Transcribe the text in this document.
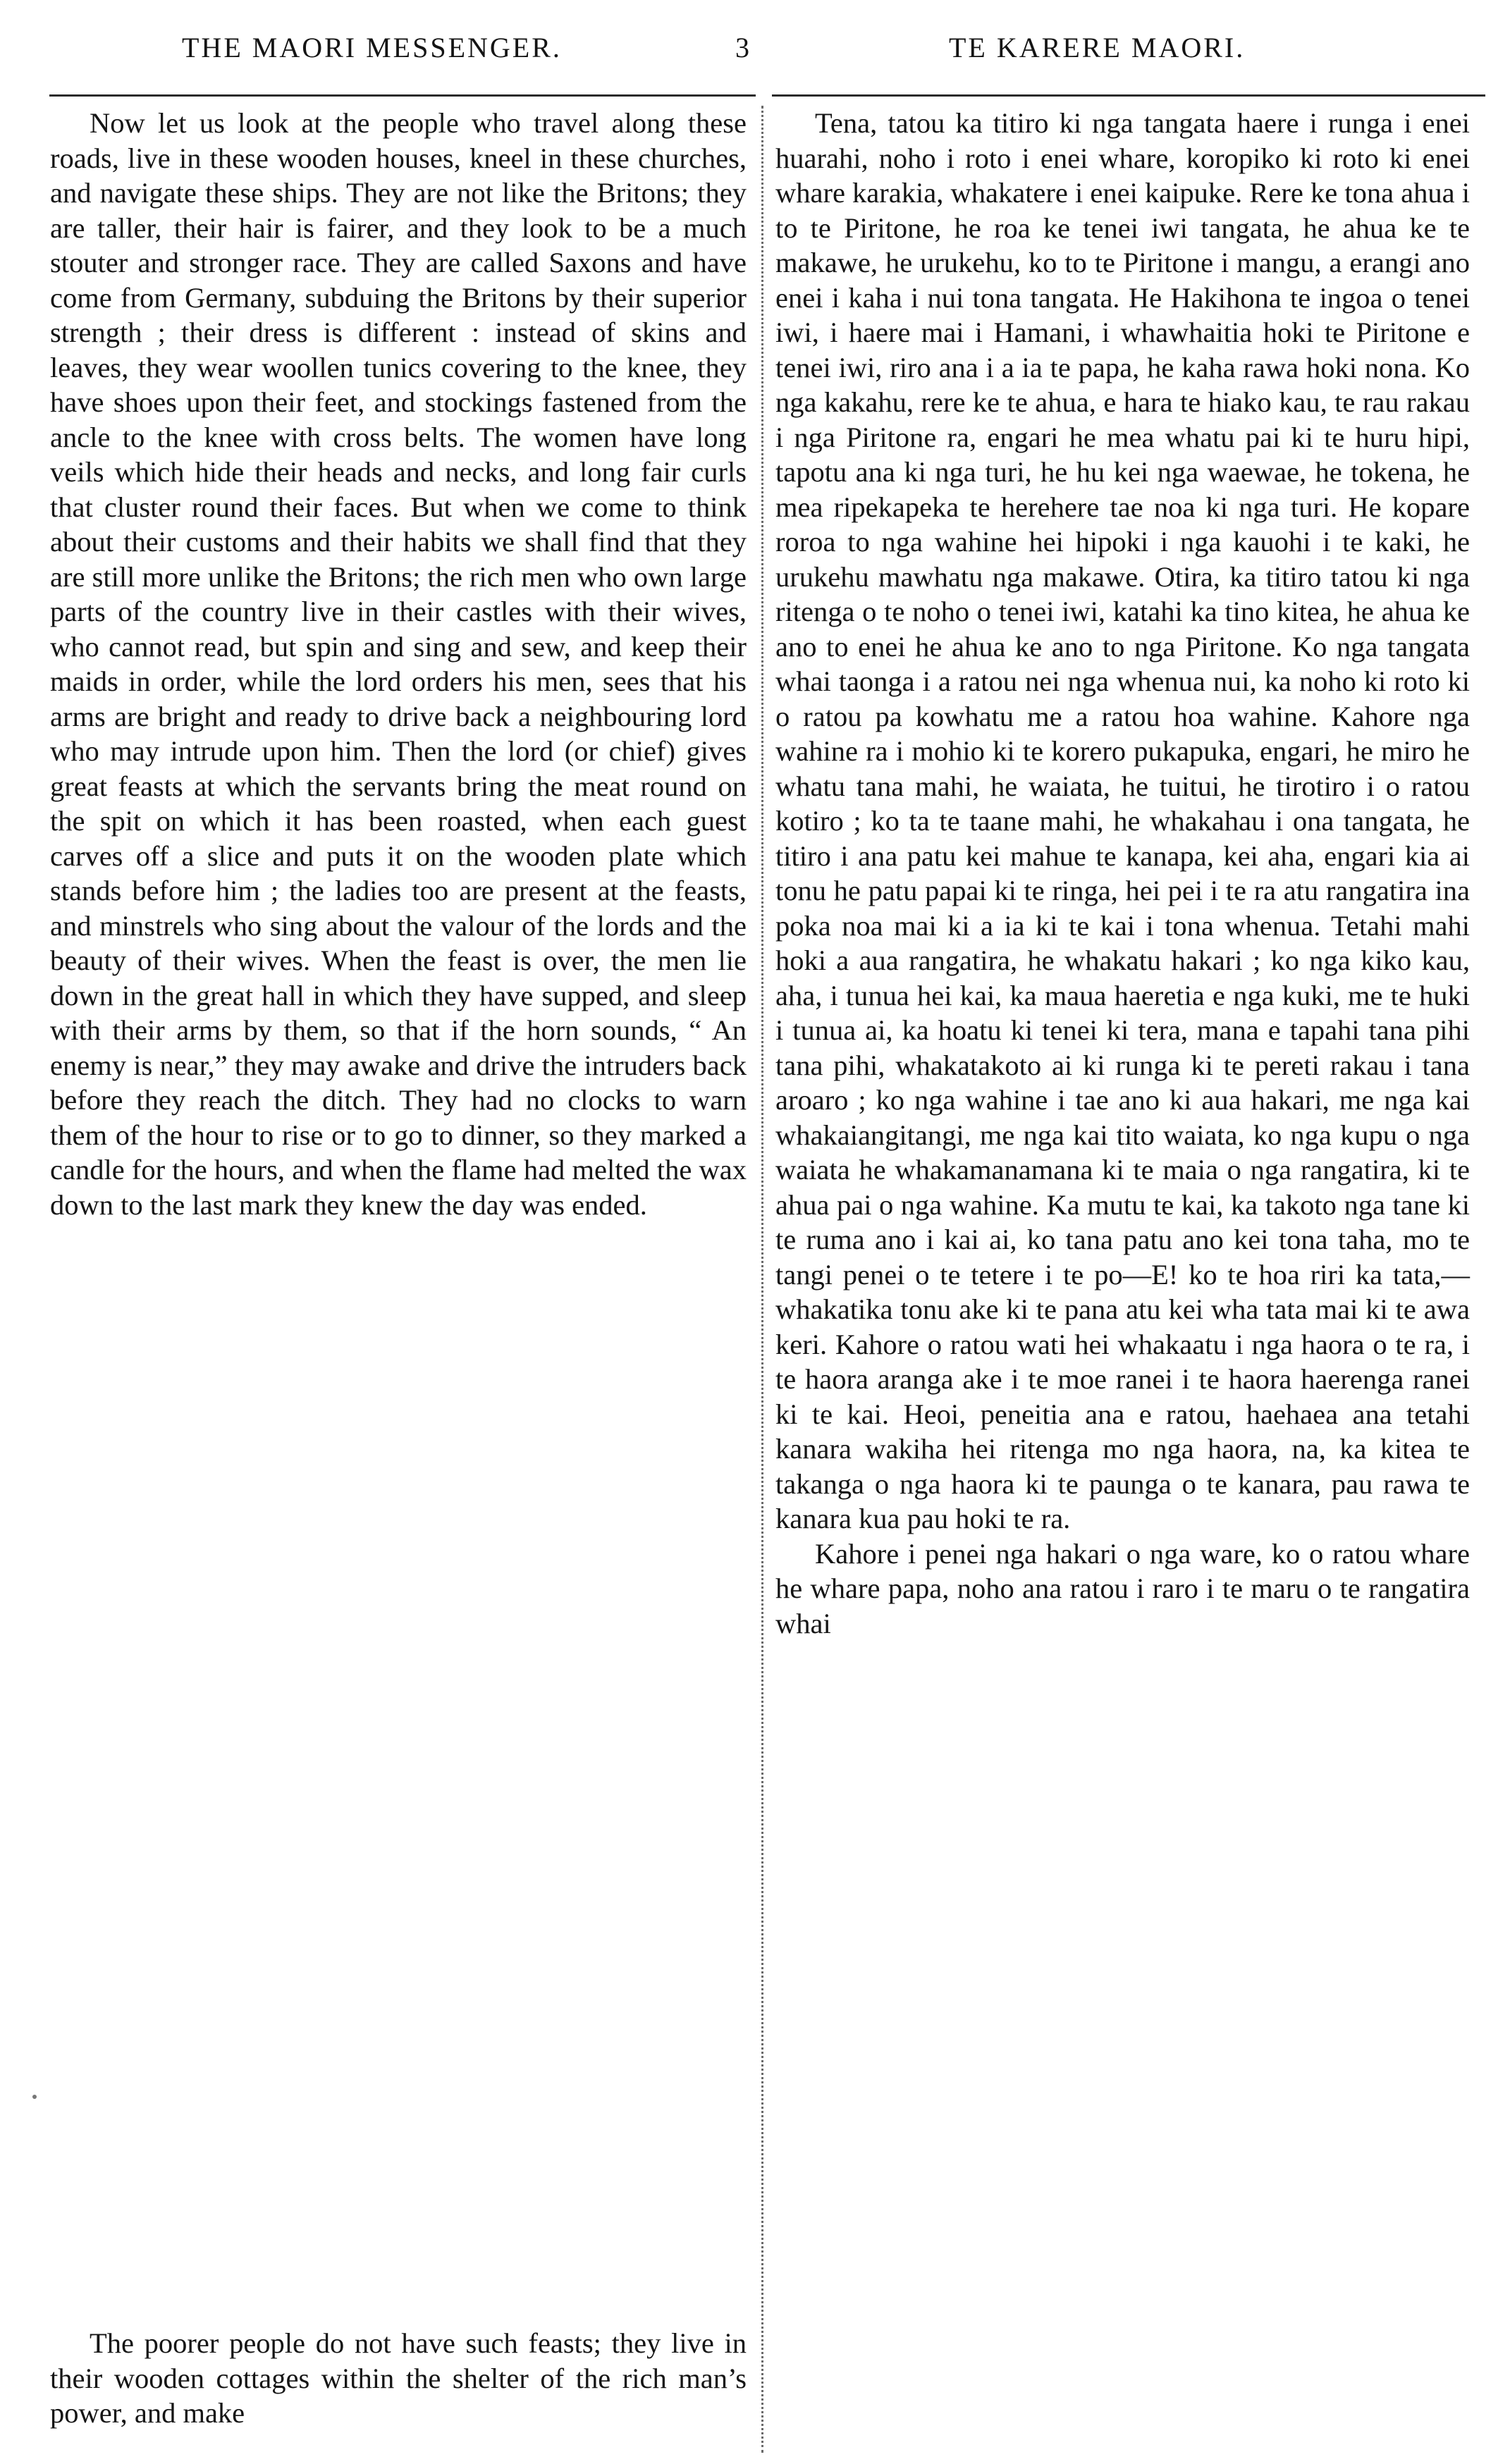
THE MAORI MESSENGER.	3	TE KARERE MAORI.

Now let us look at the people who travel along these roads, live in these wooden houses, kneel in these churches, and navigate these ships. They are not like the Britons; they are taller, their hair is fairer, and they look to be a much stouter and stronger race. They are called Saxons and have come from Germany, subduing the Britons by their superior strength ; their dress is different : instead of skins and leaves, they wear woollen tunics covering to the knee, they have shoes upon their feet, and stockings fastened from the ancle to the knee with cross belts. The women have long veils which hide their heads and necks, and long fair curls that cluster round their faces. But when we come to think about their customs and their habits we shall find that they are still more unlike the Britons; the rich men who own large parts of the country live in their castles with their wives, who cannot read, but spin and sing and sew, and keep their maids in order, while the lord orders his men, sees that his arms are bright and ready to drive back a neighbouring lord who may intrude upon him. Then the lord (or chief) gives great feasts at which the servants bring the meat round on the spit on which it has been roasted, when each guest carves off a slice and puts it on the wooden plate which stands before him ; the ladies too are present at the feasts, and minstrels who sing about the valour of the lords and the beauty of their wives. When the feast is over, the men lie down in the great hall in which they have supped, and sleep with their arms by them, so that if the horn sounds, “ An enemy is near,” they may awake and drive the intruders back before they reach the ditch. They had no clocks to warn them of the hour to rise or to go to dinner, so they marked a candle for the hours, and when the flame had melted the wax down to the last mark they knew the day was ended.

The poorer people do not have such feasts; they live in their wooden cottages within the shelter of the rich man’s power, and make

Tena, tatou ka titiro ki nga tangata haere i runga i enei huarahi, noho i roto i enei whare, koropiko ki roto ki enei whare karakia, whakatere i enei kaipuke. Rere ke tona ahua i to te Piritone, he roa ke tenei iwi tangata, he ahua ke te makawe, he urukehu, ko to te Piritone i mangu, a erangi ano enei i kaha i nui tona tangata. He Hakihona te ingoa o tenei iwi, i haere mai i Hamani, i whawhaitia hoki te Piritone e tenei iwi, riro ana i a ia te papa, he kaha rawa hoki nona. Ko nga kakahu, rere ke te ahua, e hara te hiako kau, te rau rakau i nga Piritone ra, engari he mea whatu pai ki te huru hipi, tapotu ana ki nga turi, he hu kei nga waewae, he tokena, he mea ripekapeka te herehere tae noa ki nga turi. He kopare roroa to nga wahine hei hipoki i nga kauohi i te kaki, he urukehu mawhatu nga makawe. Otira, ka titiro tatou ki nga ritenga o te noho o tenei iwi, katahi ka tino kitea, he ahua ke ano to enei he ahua ke ano to nga Piritone. Ko nga tangata whai taonga i a ratou nei nga whenua nui, ka noho ki roto ki o ratou pa kowhatu me a ratou hoa wahine. Kahore nga wahine ra i mohio ki te korero pukapuka, engari, he miro he whatu tana mahi, he waiata, he tuitui, he tirotiro i o ratou kotiro ; ko ta te taane mahi, he whakahau i ona tangata, he titiro i ana patu kei mahue te kanapa, kei aha, engari kia ai tonu he patu papai ki te ringa, hei pei i te ra atu rangatira ina poka noa mai ki a ia ki te kai i tona whenua. Tetahi mahi hoki a aua rangatira, he whakatu hakari ; ko nga kiko kau, aha, i tunua hei kai, ka maua haeretia e nga kuki, me te huki i tunua ai, ka hoatu ki tenei ki tera, mana e tapahi tana pihi tana pihi, whakatakoto ai ki runga ki te pereti rakau i tana aroaro ; ko nga wahine i tae ano ki aua hakari, me nga kai whakaiangitangi, me nga kai tito waiata, ko nga kupu o nga waiata he whakamanamana ki te maia o nga rangatira, ki te ahua pai o nga wahine. Ka mutu te kai, ka takoto nga tane ki te ruma ano i kai ai, ko tana patu ano kei tona taha, mo te tangi penei o te tetere i te po—E! ko te hoa riri ka tata,—whakatika tonu ake ki te pana atu kei wha tata mai ki te awa keri. Kahore o ratou wati hei whakaatu i nga haora o te ra, i te haora aranga ake i te moe ranei i te haora haerenga ranei ki te kai. Heoi, peneitia ana e ratou, haehaea ana tetahi kanara wakiha hei ritenga mo nga haora, na, ka kitea te takanga o nga haora ki te paunga o te kanara, pau rawa te kanara kua pau hoki te ra.

Kahore i penei nga hakari o nga ware, ko o ratou whare he whare papa, noho ana ratou i raro i te maru o te rangatira whai
